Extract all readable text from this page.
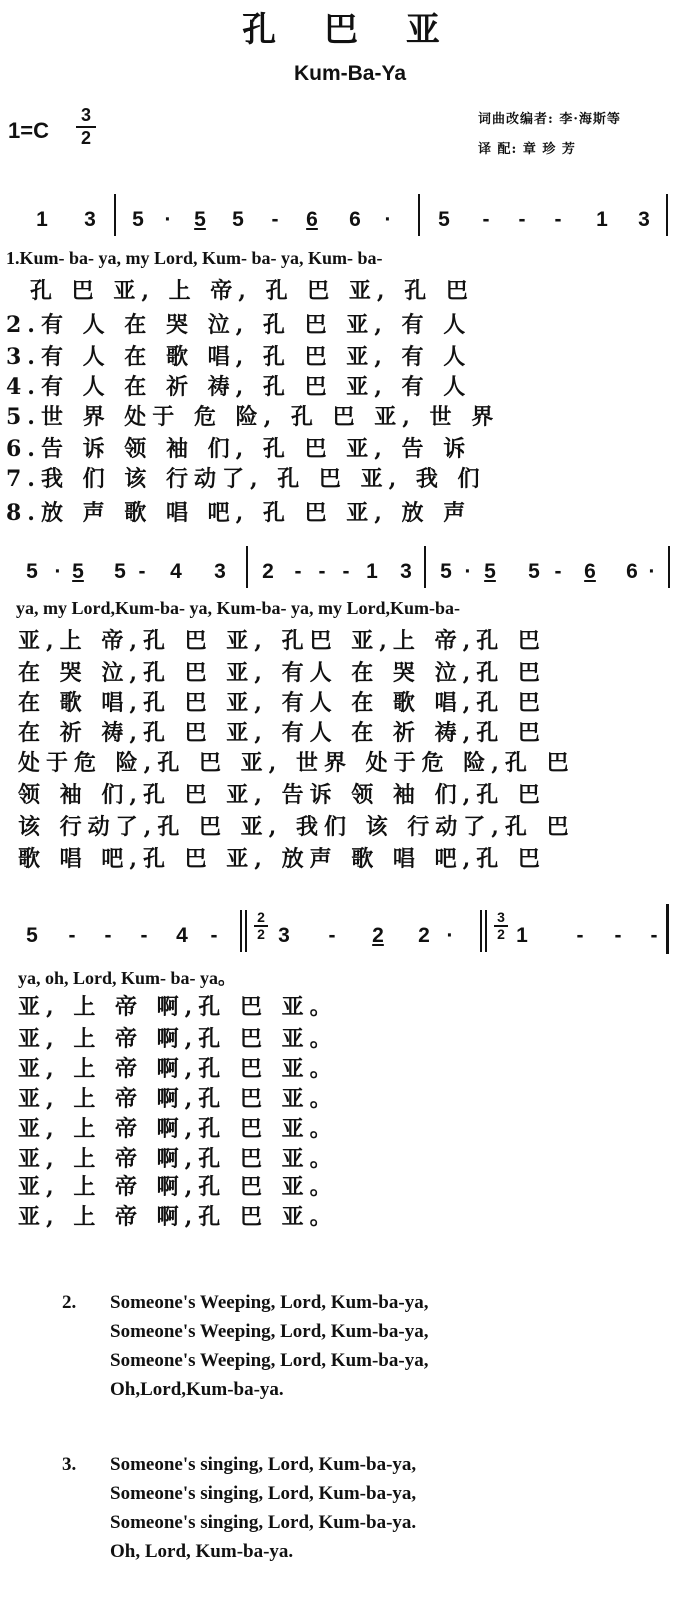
孔 巴 亚
Kum-Ba-Ya
1=C
3
2
词曲改编者: 李·海斯等
译 配: 章 珍 芳
1 3 5 ·	5 5	-	6 6	·	5	-	-	-	1 3
1.Kum- ba- ya, my Lord, Kum- ba- ya, Kum- ba-
孔 巴 亚, 上 帝, 孔 巴 亚, 孔 巴
2.有 人 在 哭 泣, 孔 巴 亚, 有 人
3.有 人 在 歌 唱, 孔 巴 亚, 有 人
4.有 人 在 祈 祷, 孔 巴 亚, 有 人
5.世 界 处于 危 险, 孔 巴 亚, 世 界
6.告 诉 领 袖 们, 孔 巴 亚, 告 诉
7.我 们 该 行动了, 孔 巴 亚, 我 们
8.放 声 歌 唱 吧, 孔 巴 亚, 放 声
5 · 5 5 -	4 3 2 - - - 1 3 5 · 5 5 -	6 6 ·
ya, my Lord,Kum-ba- ya, Kum-ba- ya, my Lord,Kum-ba-
亚,上 帝,孔 巴 亚, 孔巴 亚,上 帝,孔 巴
在 哭 泣,孔 巴 亚, 有人 在 哭 泣,孔 巴
在 歌 唱,孔 巴 亚, 有人 在 歌 唱,孔 巴
在 祈 祷,孔 巴 亚, 有人 在 祈 祷,孔 巴
处于危 险,孔 巴 亚, 世界 处于危 险,孔 巴
领 袖 们,孔 巴 亚, 告诉 领 袖 们,孔 巴
该 行动了,孔 巴 亚, 我们 该 行动了,孔 巴
歌 唱 吧,孔 巴 亚, 放声 歌 唱 吧,孔 巴
5	-	-	-	4	-
2
2 3	-	2 2 ·
3
2 1	-	-	-
ya, oh, Lord, Kum- ba- ya。
亚, 上 帝 啊,孔 巴 亚。
亚, 上 帝 啊,孔 巴 亚。
亚, 上 帝 啊,孔 巴 亚。
亚, 上 帝 啊,孔 巴 亚。
亚, 上 帝 啊,孔 巴 亚。
亚, 上 帝 啊,孔 巴 亚。
亚, 上 帝 啊,孔 巴 亚。
亚, 上 帝 啊,孔 巴 亚。
2. Someone's Weeping, Lord, Kum-ba-ya,
Someone's Weeping, Lord, Kum-ba-ya,
Someone's Weeping, Lord, Kum-ba-ya,
Oh,Lord,Kum-ba-ya.
3. Someone's singing, Lord, Kum-ba-ya,
Someone's singing, Lord, Kum-ba-ya,
Someone's singing, Lord, Kum-ba-ya.
Oh, Lord, Kum-ba-ya.
